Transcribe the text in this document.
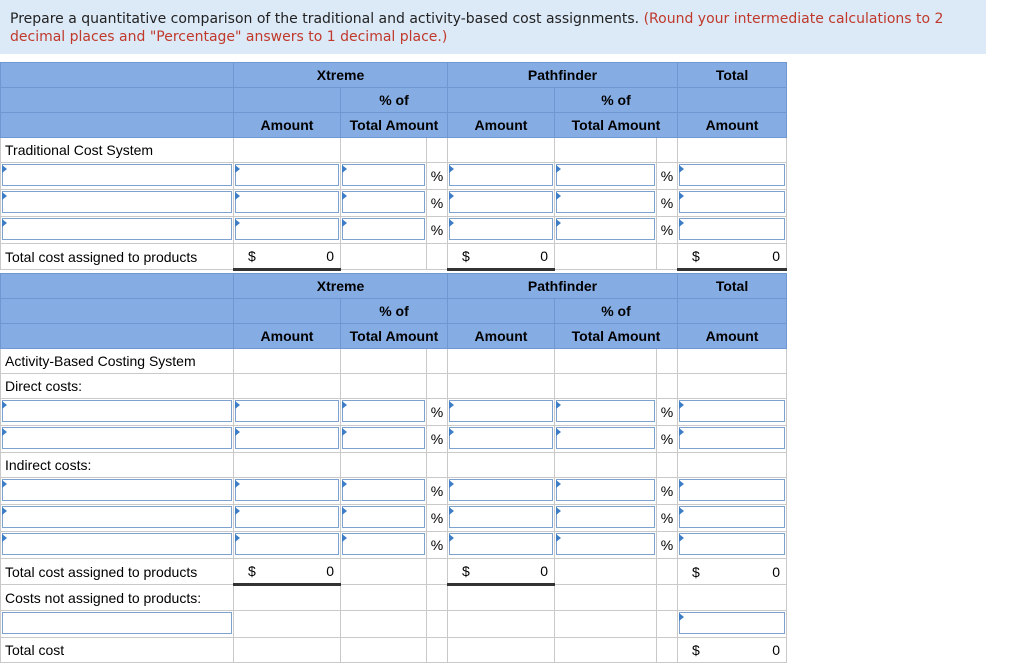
Prepare a quantitative comparison of the traditional and activity-based cost assignments. (Round your intermediate calculations to 2 decimal places and "Percentage" answers to 1 decimal place.)
	Xtreme			Pathfinder			Total
		% of			% of		
	Amount	Total Amount		Amount	Total Amount		Amount
Traditional Cost System							

	%			%	

	%			%	

	%			%	

Total cost assigned to products	$ 0			$ 0			$ 0
	Xtreme			Pathfinder			Total
		% of			% of		
	Amount	Total Amount		Amount	Total Amount		Amount
Activity-Based Costing System							
Direct costs:							

	%			%	

	%			%	

Indirect costs:							

	%			%	

	%			%	

	%			%	

Total cost assigned to products	$ 0			$ 0			$ 0

Costs not assigned to products:							

Total cost							$ 0
